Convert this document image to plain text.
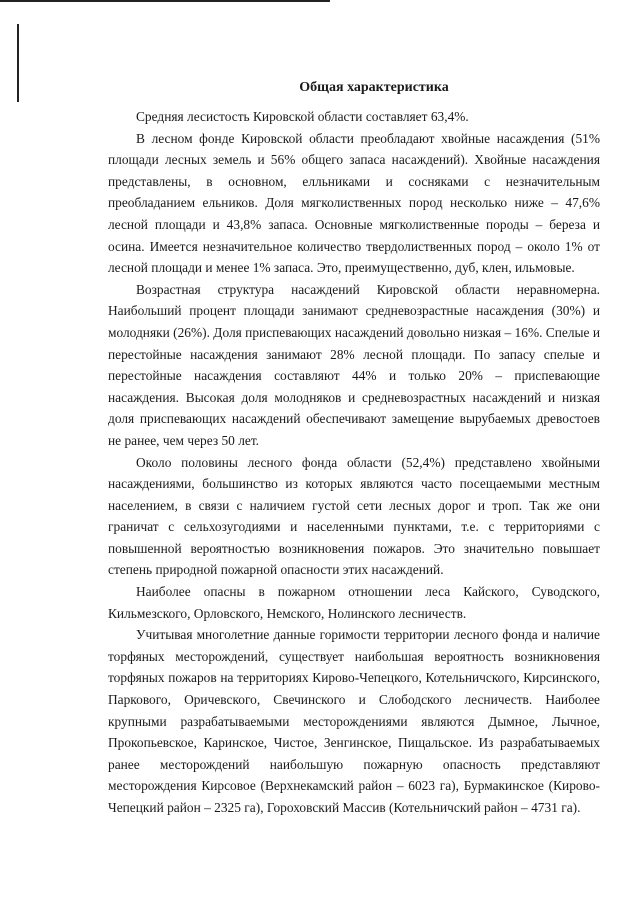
Общая характеристика

Средняя лесистость Кировской области составляет 63,4%.

В лесном фонде Кировской области преобладают хвойные насаждения (51% площади лесных земель и 56% общего запаса насаждений). Хвойные насаждения представлены, в основном, елльниками и сосняками с незначительным преобладанием ельников. Доля мягколиственных пород несколько ниже – 47,6% лесной площади и 43,8% запаса. Основные мягколиственные породы – береза и осина. Имеется незначительное количество твердолиственных пород – около 1% от лесной площади и менее 1% запаса. Это, преимущественно, дуб, клен, ильмовые.

Возрастная структура насаждений Кировской области неравномерна. Наибольший процент площади занимают средневозрастные насаждения (30%) и молодняки (26%). Доля приспевающих насаждений довольно низкая – 16%. Спелые и перестойные насаждения занимают 28% лесной площади. По запасу спелые и перестойные насаждения составляют 44% и только 20% – приспевающие насаждения. Высокая доля молодняков и средневозрастных насаждений и низкая доля приспевающих насаждений обеспечивают замещение вырубаемых древостоев не ранее, чем через 50 лет.

Около половины лесного фонда области (52,4%) представлено хвойными насаждениями, большинство из которых являются часто посещаемыми местным населением, в связи с наличием густой сети лесных дорог и троп. Так же они граничат с сельхозугодиями и населенными пунктами, т.е. с территориями с повышенной вероятностью возникновения пожаров. Это значительно повышает степень природной пожарной опасности этих насаждений.

Наиболее опасны в пожарном отношении леса Кайского, Суводского, Кильмезского, Орловского, Немского, Нолинского лесничеств.

Учитывая многолетние данные горимости территории лесного фонда и наличие торфяных месторождений, существует наибольшая вероятность возникновения торфяных пожаров на территориях Кирово-Чепецкого, Котельничского, Кирсинского, Паркового, Оричевского, Свечинского и Слободского лесничеств. Наиболее крупными разрабатываемыми месторождениями являются Дымное, Лычное, Прокопьевское, Каринское, Чистое, Зенгинское, Пищальское. Из разрабатываемых ранее месторождений наибольшую пожарную опасность представляют месторождения Кирсовое (Верхнекамский район – 6023 га), Бурмакинское (Кирово-Чепецкий район – 2325 га), Гороховский Массив (Котельничский район – 4731 га).
